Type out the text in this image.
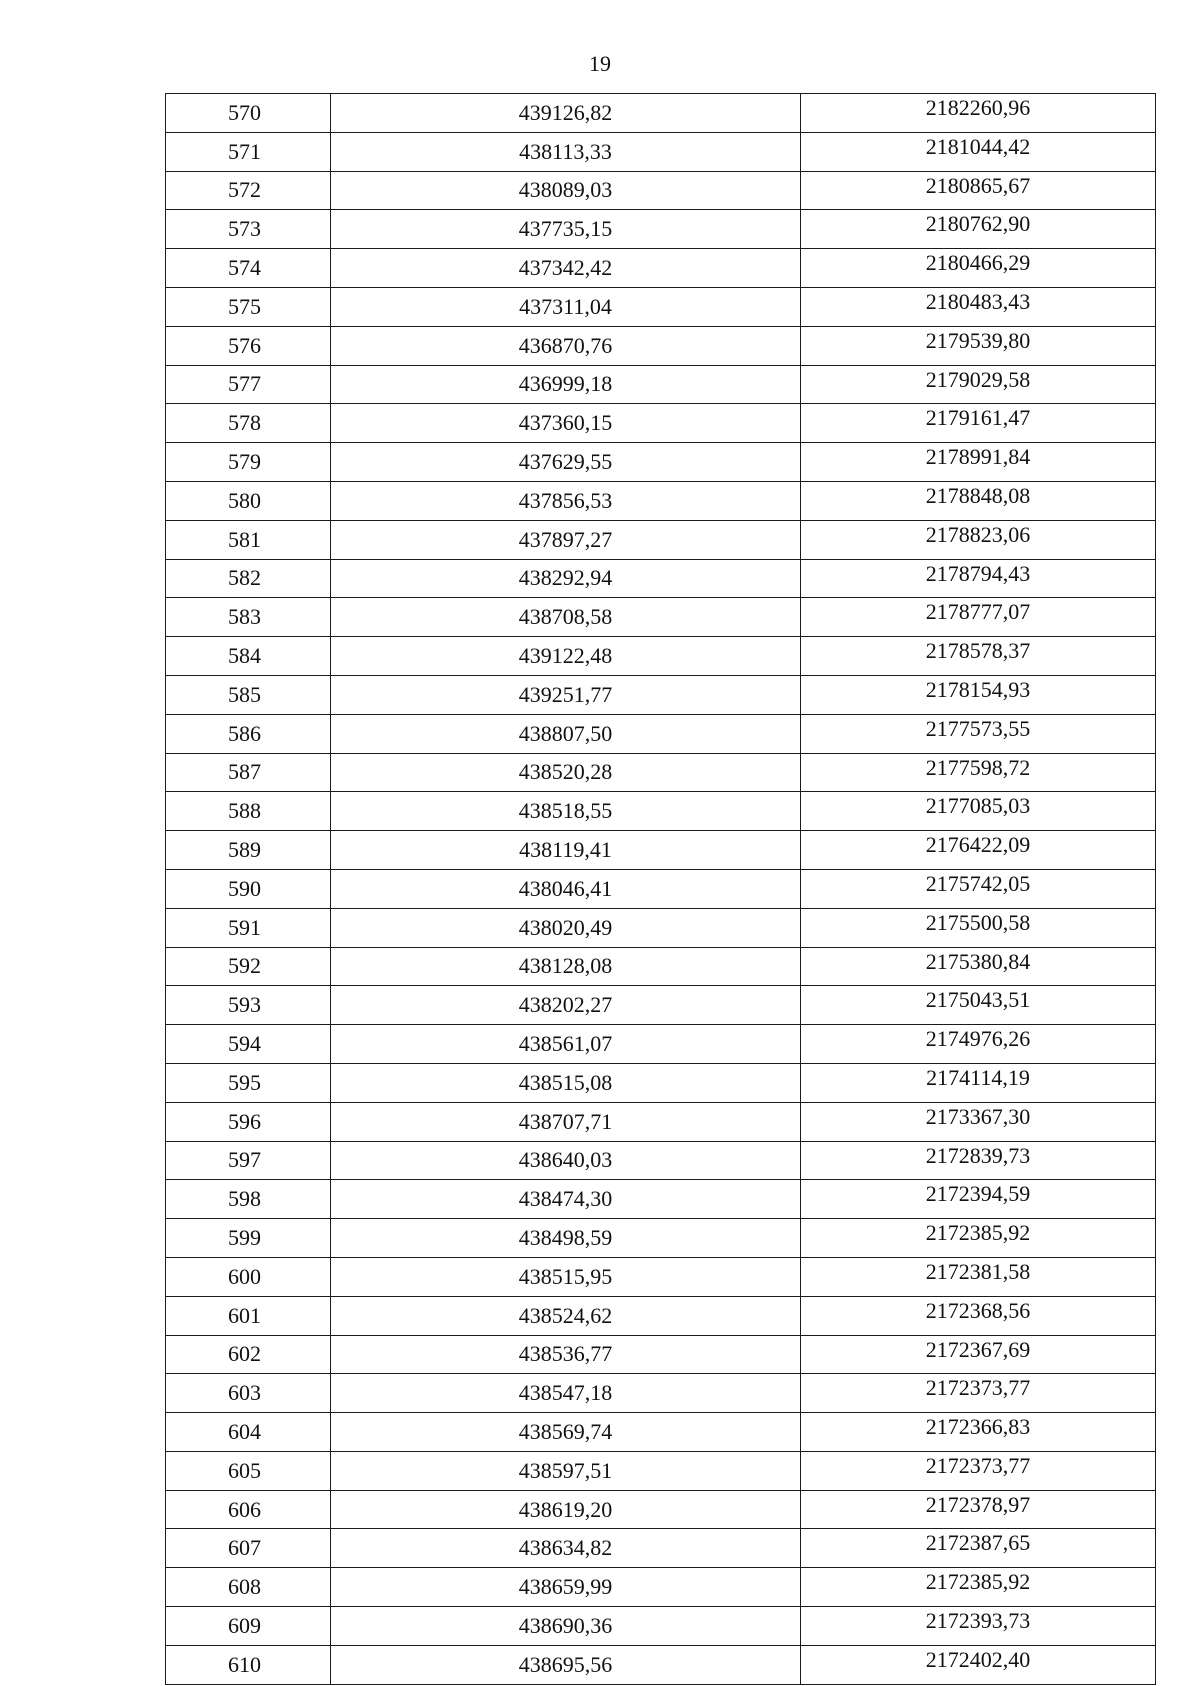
19
570	439126,82	2182260,96
571	438113,33	2181044,42
572	438089,03	2180865,67
573	437735,15	2180762,90
574	437342,42	2180466,29
575	437311,04	2180483,43
576	436870,76	2179539,80
577	436999,18	2179029,58
578	437360,15	2179161,47
579	437629,55	2178991,84
580	437856,53	2178848,08
581	437897,27	2178823,06
582	438292,94	2178794,43
583	438708,58	2178777,07
584	439122,48	2178578,37
585	439251,77	2178154,93
586	438807,50	2177573,55
587	438520,28	2177598,72
588	438518,55	2177085,03
589	438119,41	2176422,09
590	438046,41	2175742,05
591	438020,49	2175500,58
592	438128,08	2175380,84
593	438202,27	2175043,51
594	438561,07	2174976,26
595	438515,08	2174114,19
596	438707,71	2173367,30
597	438640,03	2172839,73
598	438474,30	2172394,59
599	438498,59	2172385,92
600	438515,95	2172381,58
601	438524,62	2172368,56
602	438536,77	2172367,69
603	438547,18	2172373,77
604	438569,74	2172366,83
605	438597,51	2172373,77
606	438619,20	2172378,97
607	438634,82	2172387,65
608	438659,99	2172385,92
609	438690,36	2172393,73
610	438695,56	2172402,40
